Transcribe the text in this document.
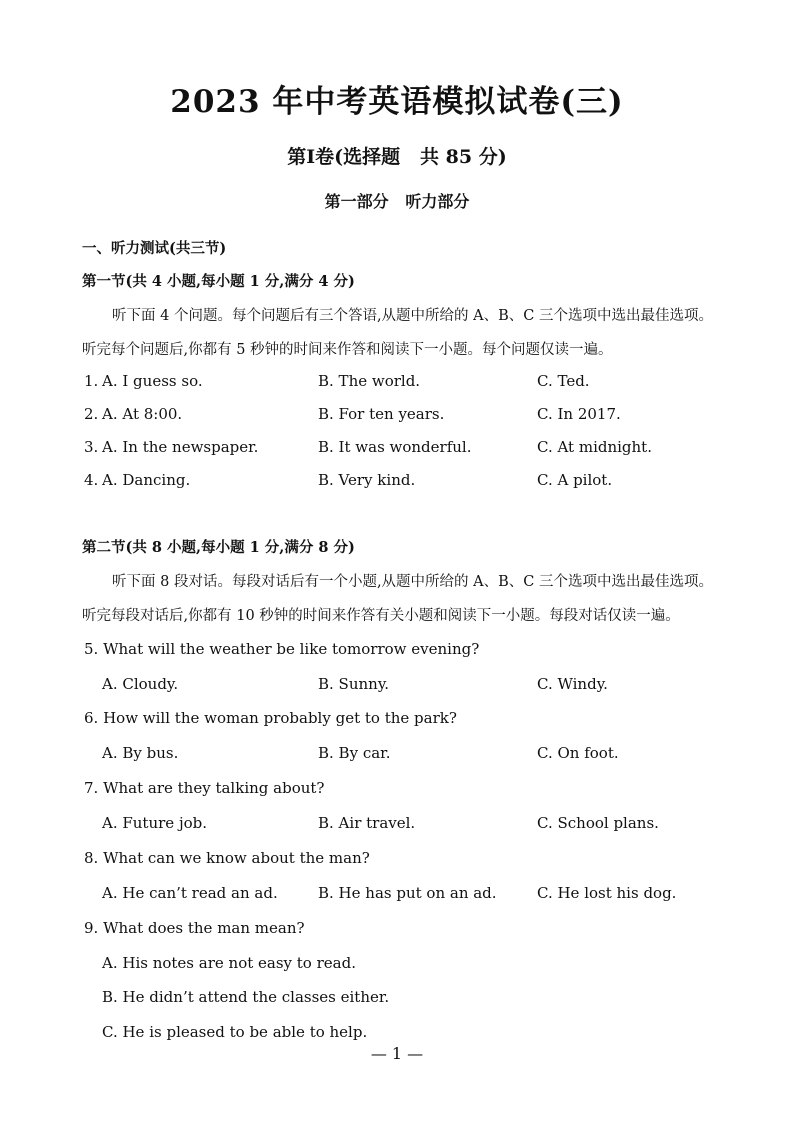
2023 年中考英语模拟试卷(三)
第Ⅰ卷(选择题   共 85 分)
第一部分   听力部分
一、听力测试(共三节)
第一节(共 4 小题,每小题 1 分,满分 4 分)
听下面 4 个问题。每个问题后有三个答语,从题中所给的 A、B、C 三个选项中选出最佳选项。
听完每个问题后,你都有 5 秒钟的时间来作答和阅读下一小题。每个问题仅读一遍。
1. A. I guess so.	B. The world.	C. Ted.
2. A. At 8:00.	B. For ten years.	C. In 2017.
3. A. In the newspaper.	B. It was wonderful.	C. At midnight.
4. A. Dancing.	B. Very kind.	C. A pilot.
第二节(共 8 小题,每小题 1 分,满分 8 分)
听下面 8 段对话。每段对话后有一个小题,从题中所给的 A、B、C 三个选项中选出最佳选项。
听完每段对话后,你都有 10 秒钟的时间来作答有关小题和阅读下一小题。每段对话仅读一遍。
5. What will the weather be like tomorrow evening?
A. Cloudy.	B. Sunny.	C. Windy.
6. How will the woman probably get to the park?
A. By bus.	B. By car.	C. On foot.
7. What are they talking about?
A. Future job.	B. Air travel.	C. School plans.
8. What can we know about the man?
A. He can’t read an ad.	B. He has put on an ad.	C. He lost his dog.
9. What does the man mean?
A. His notes are not easy to read.
B. He didn’t attend the classes either.
C. He is pleased to be able to help.
— 1 —
